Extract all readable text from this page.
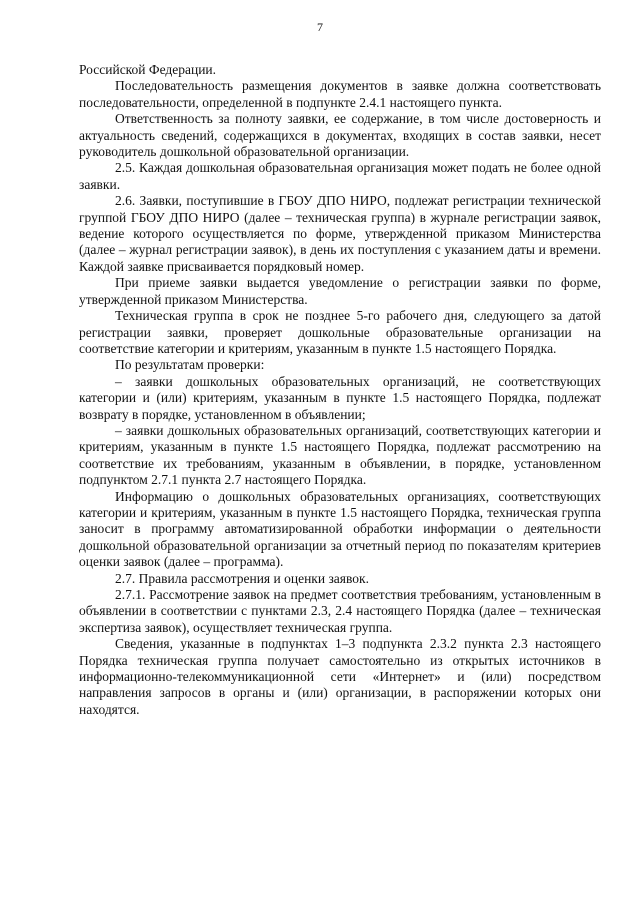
7

Российской Федерации.

Последовательность размещения документов в заявке должна соответствовать последовательности, определенной в подпункте 2.4.1 настоящего пункта.

Ответственность за полноту заявки, ее содержание, в том числе достоверность и актуальность сведений, содержащихся в документах, входящих в состав заявки, несет руководитель дошкольной образовательной организации.

2.5. Каждая дошкольная образовательная организация может подать не более одной заявки.

2.6. Заявки, поступившие в ГБОУ ДПО НИРО, подлежат регистрации технической группой ГБОУ ДПО НИРО (далее – техническая группа) в журнале регистрации заявок, ведение которого осуществляется по форме, утвержденной приказом Министерства (далее – журнал регистрации заявок), в день их поступления с указанием даты и времени. Каждой заявке присваивается порядковый номер.

При приеме заявки выдается уведомление о регистрации заявки по форме, утвержденной приказом Министерства.

Техническая группа в срок не позднее 5-го рабочего дня, следующего за датой регистрации заявки, проверяет дошкольные образовательные организации на соответствие категории и критериям, указанным в пункте 1.5 настоящего Порядка.

По результатам проверки:

– заявки дошкольных образовательных организаций, не соответствующих категории и (или) критериям, указанным в пункте 1.5 настоящего Порядка, подлежат возврату в порядке, установленном в объявлении;

– заявки дошкольных образовательных организаций, соответствующих категории и критериям, указанным в пункте 1.5 настоящего Порядка, подлежат рассмотрению на соответствие их требованиям, указанным в объявлении, в порядке, установленном подпунктом 2.7.1 пункта 2.7 настоящего Порядка.

Информацию о дошкольных образовательных организациях, соответствующих категории и критериям, указанным в пункте 1.5 настоящего Порядка, техническая группа заносит в программу автоматизированной обработки информации о деятельности дошкольной образовательной организации за отчетный период по показателям критериев оценки заявок (далее – программа).

2.7. Правила рассмотрения и оценки заявок.

2.7.1. Рассмотрение заявок на предмет соответствия требованиям, установленным в объявлении в соответствии с пунктами 2.3, 2.4 настоящего Порядка (далее – техническая экспертиза заявок), осуществляет техническая группа.

Сведения, указанные в подпунктах 1–3 подпункта 2.3.2 пункта 2.3 настоящего Порядка техническая группа получает самостоятельно из открытых источников в информационно-телекоммуникационной сети «Интернет» и (или) посредством направления запросов в органы и (или) организации, в распоряжении которых они находятся.
